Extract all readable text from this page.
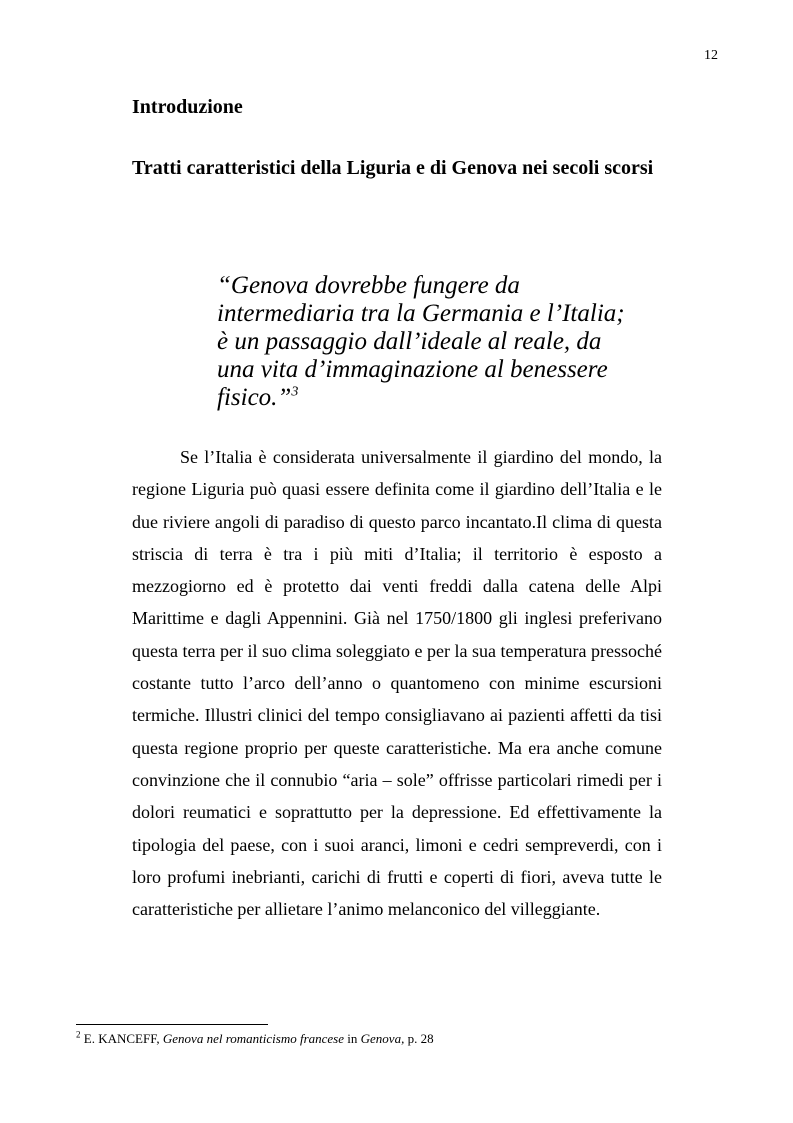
12
Introduzione
Tratti caratteristici della Liguria e di Genova nei secoli scorsi

“Genova dovrebbe fungere da intermediaria tra la Germania e l’Italia; è un passaggio dall’ideale al reale, da una vita d’immaginazione al benessere fisico.”$^3$

Se l’Italia è considerata universalmente il giardino del mondo, la regione Liguria può quasi essere definita come il giardino dell’Italia e le due riviere angoli di paradiso di questo parco incantato.Il clima di questa striscia di terra è tra i più miti d’Italia; il territorio è esposto a mezzogiorno ed è protetto dai venti freddi dalla catena delle Alpi Marittime e dagli Appennini. Già nel 1750/1800 gli inglesi preferivano questa terra per il suo clima soleggiato e per la sua temperatura pressoché costante tutto l’arco dell’anno o quantomeno con minime escursioni termiche. Illustri clinici del tempo consigliavano ai pazienti affetti da tisi questa regione proprio per queste caratteristiche. Ma era anche comune convinzione che il connubio “aria – sole” offrisse particolari rimedi per i dolori reumatici e soprattutto per la depressione. Ed effettivamente la tipologia del paese, con i suoi aranci, limoni e cedri sempreverdi, con i loro profumi inebrianti, carichi di frutti e coperti di fiori, aveva tutte le caratteristiche per allietare l’animo melanconico del villeggiante.

$^2$ E. KANCEFF, Genova nel romanticismo francese in Genova, p. 28
